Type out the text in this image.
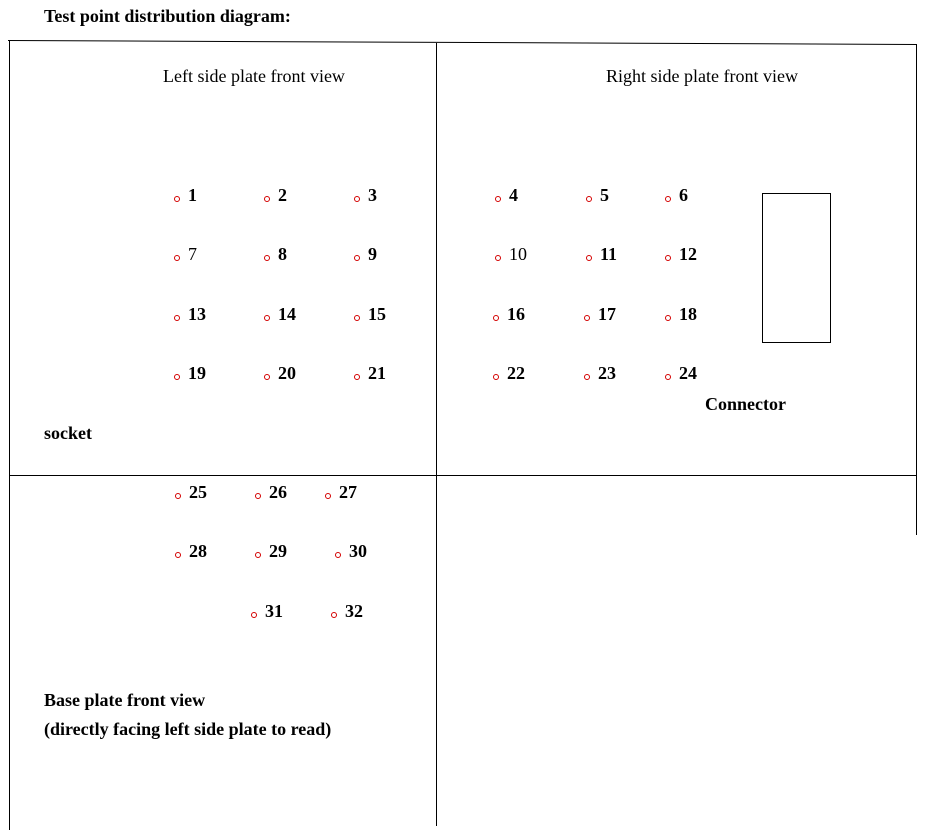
Test point distribution diagram:
Left side plate front view	Right side plate front view
socket
Connector
Base plate front view
(directly facing left side plate to read)
1	2	3
7	8	9
13	14	15
19	20	21
4	5	6
10	11	12
16	17	18
22	23	24
25	26	27
28	29	30
31	32
